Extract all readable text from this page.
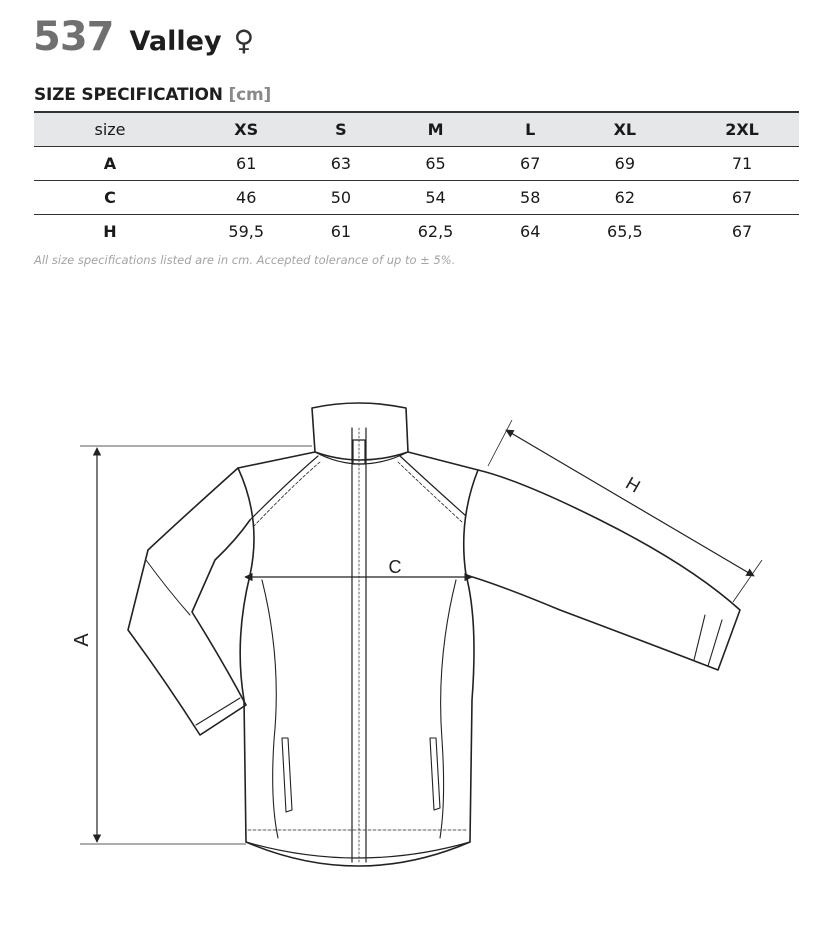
537 Valley ♀
SIZE SPECIFICATION [cm]
size	XS	S	M	L	XL	2XL
A	61	63	65	67	69	71
C	46	50	54	58	62	67
H	59,5	61	62,5	64	65,5	67
All size specifications listed are in cm. Accepted tolerance of up to ± 5%.
A
C
H
